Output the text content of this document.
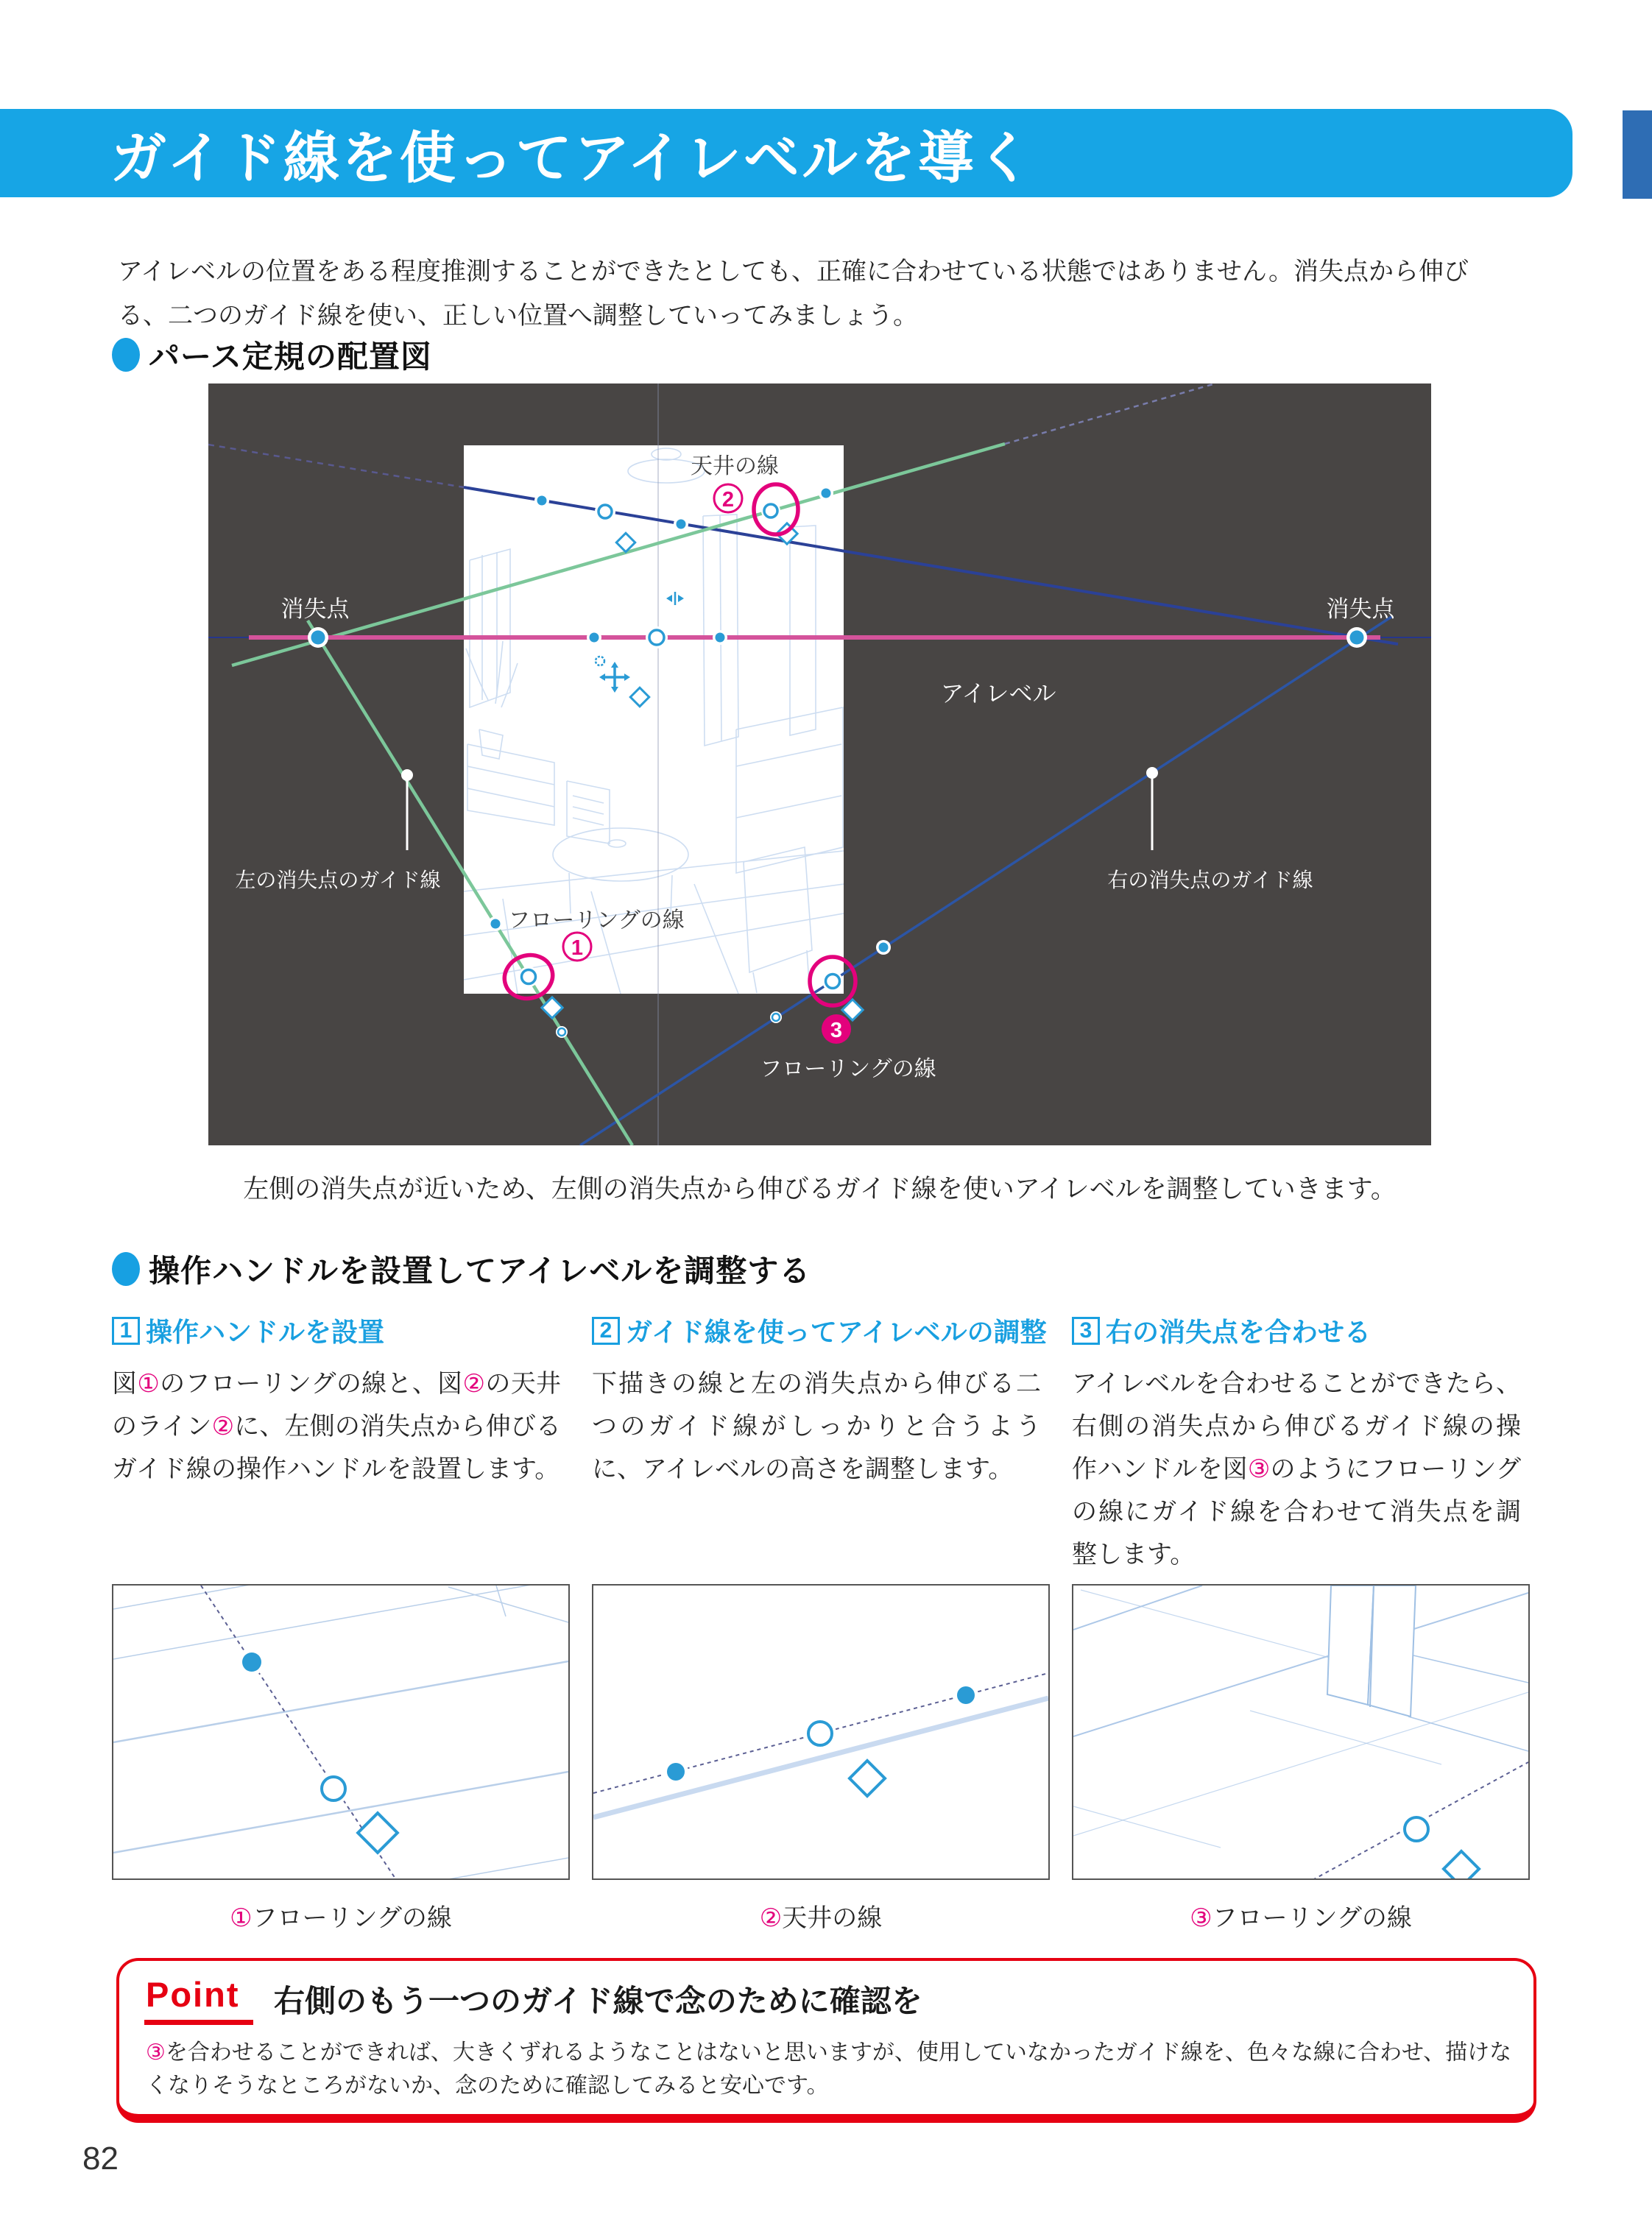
ガイド線を使ってアイレベルを導く

アイレベルの位置をある程度推測することができたとしても、正確に合わせている状態ではありません。消失点から伸び
る、二つのガイド線を使い、正しい位置へ調整していってみましょう。

パース定規の配置図
2
1
3
消失点	消失点
アイレベル
天井の線
フローリングの線
フローリングの線
左の消失点のガイド線	右の消失点のガイド線
左側の消失点が近いため、左側の消失点から伸びるガイド線を使いアイレベルを調整していきます。
操作ハンドルを設置してアイレベルを調整する
1 操作ハンドルを設置
図①のフローリングの線と、図②の天井のライン②に、左側の消失点から伸びるガイド線の操作ハンドルを設置します。
2 ガイド線を使ってアイレベルの調整
下描きの線と左の消失点から伸びる二つのガイド線がしっかりと合うように、アイレベルの高さを調整します。
3 右の消失点を合わせる
アイレベルを合わせることができたら、右側の消失点から伸びるガイド線の操作ハンドルを図③のようにフローリングの線にガイド線を合わせて消失点を調整します。
①フローリングの線	②天井の線	③フローリングの線
Point 右側のもう一つのガイド線で念のために確認を
③を合わせることができれば、大きくずれるようなことはないと思いますが、使用していなかったガイド線を、色々な線に合わせ、描けなくなりそうなところがないか、念のために確認してみると安心です。
82
